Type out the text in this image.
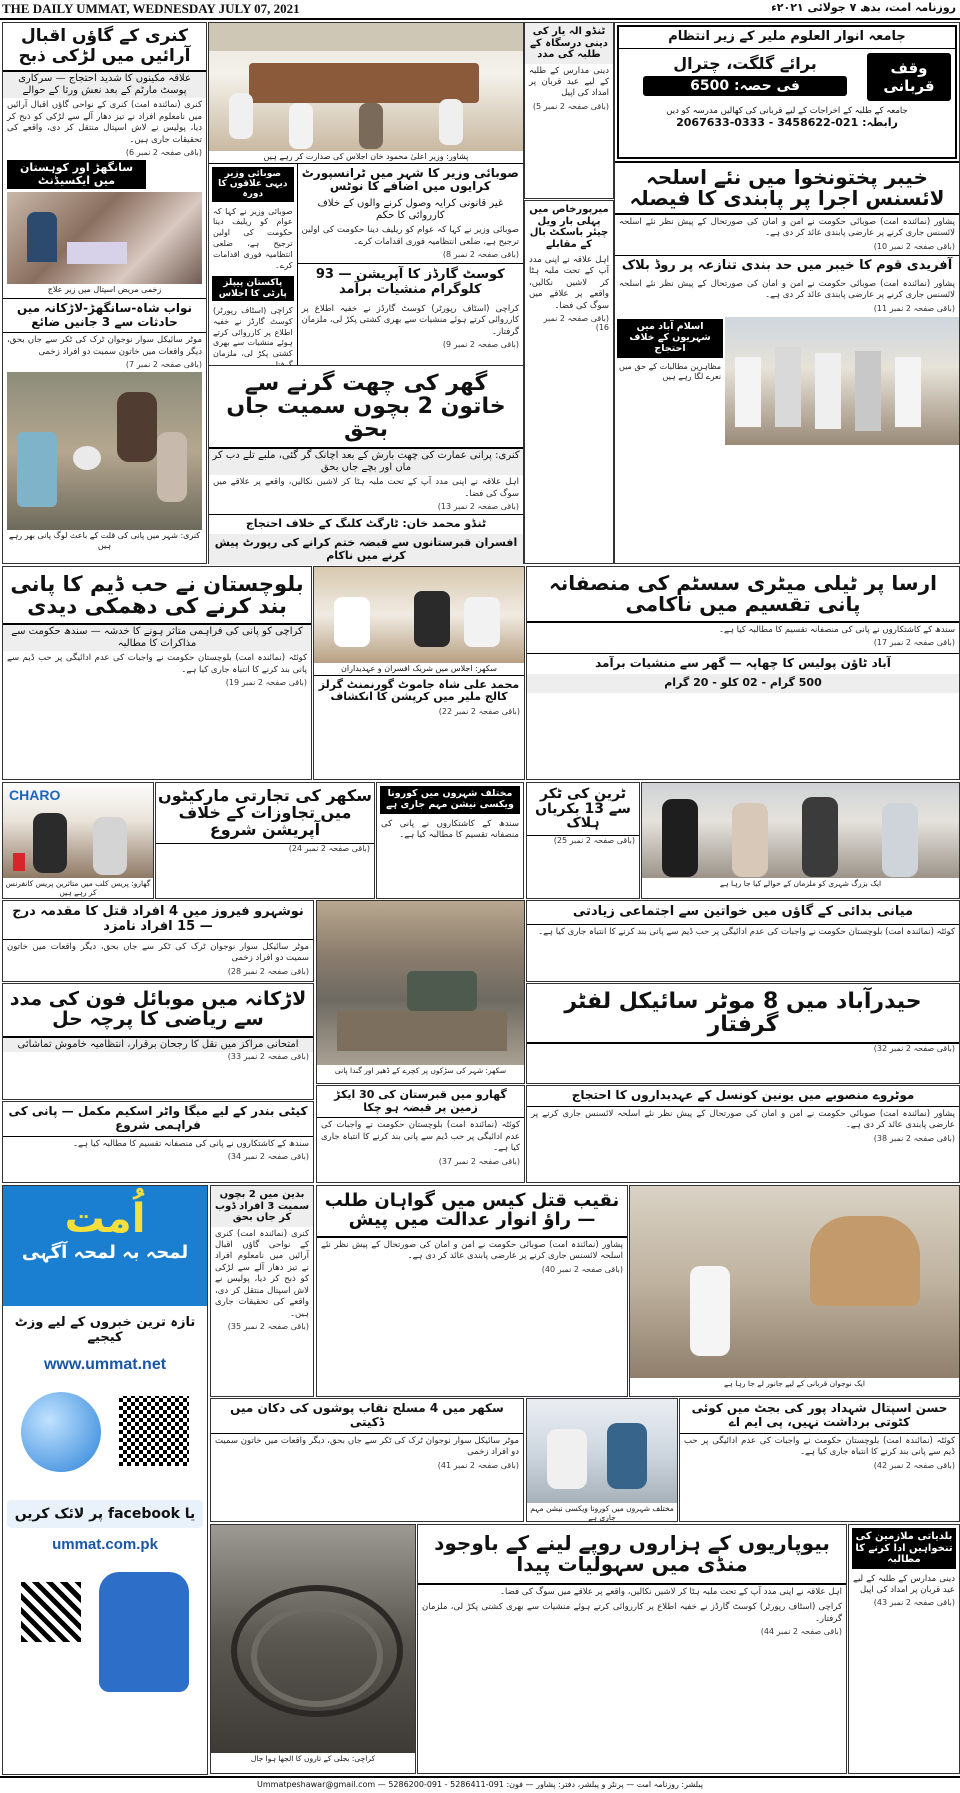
THE DAILY UMMAT, WEDNESDAY JULY 07, 2021	روزنامہ امت، بدھ ۷ جولائی ۲۰۲۱ء
کنری کے گاؤں اقبال آرائیں میں لڑکی ذبح
علاقہ مکینوں کا شدید احتجاج — سرکاری پوسٹ مارٹم کے بعد نعش ورثا کے حوالے
کنری (نمائندہ امت) کنری کے نواحی گاؤں اقبال آرائیں میں نامعلوم افراد نے تیز دھار آلے سے لڑکی کو ذبح کر دیا، پولیس نے لاش اسپتال منتقل کر دی، واقعے کی تحقیقات جاری ہیں۔
(باقی صفحہ 2 نمبر 6)
سانگھڑ اور کوہستان میں ایکسیڈنٹ
زخمی مریض اسپتال میں زیر علاج
نواب شاہ-سانگھڑ-لاڑکانہ میں حادثات سے 3 جانیں ضائع
موٹر سائیکل سوار نوجوان ٹرک کی ٹکر سے جاں بحق، دیگر واقعات میں خاتون سمیت دو افراد زخمی
(باقی صفحہ 2 نمبر 7)
کنری: شہر میں پانی کی قلت کے باعث لوگ پانی بھر رہے ہیں
پشاور: وزیر اعلیٰ محمود خان اجلاس کی صدارت کر رہے ہیں
صوبائی وزیر کا شہر میں ٹرانسپورٹ کرایوں میں اضافے کا نوٹس
غیر قانونی کرایہ وصول کرنے والوں کے خلاف کارروائی کا حکم
صوبائی وزیر نے کہا کہ عوام کو ریلیف دینا حکومت کی اولین ترجیح ہے، ضلعی انتظامیہ فوری اقدامات کرے۔
(باقی صفحہ 2 نمبر 8)
کوسٹ گارڈز کا آپریشن — 93 کلوگرام منشیات برآمد
کراچی (اسٹاف رپورٹر) کوسٹ گارڈز نے خفیہ اطلاع پر کارروائی کرتے ہوئے منشیات سے بھری کشتی پکڑ لی، ملزمان گرفتار۔
(باقی صفحہ 2 نمبر 9)
صوبائی وزیر دیہی علاقوں کا دورہ
صوبائی وزیر نے کہا کہ عوام کو ریلیف دینا حکومت کی اولین ترجیح ہے، ضلعی انتظامیہ فوری اقدامات کرے۔
پاکستان پیپلز پارٹی کا اجلاس
کراچی (اسٹاف رپورٹر) کوسٹ گارڈز نے خفیہ اطلاع پر کارروائی کرتے ہوئے منشیات سے بھری کشتی پکڑ لی، ملزمان
ٹنڈو الہ یار کی دینی درسگاہ کے طلبہ کی مدد
دینی مدارس کے طلبہ کے لیے عید قربان پر امداد کی اپیل
(باقی صفحہ 2 نمبر 5)
جامعہ انوار العلوم ملیر کے زیر انتظام
وقف قربانی
برائے گلگت، چترال
فی حصہ: 6500
جامعہ کے طلبہ کے اخراجات کے لیے قربانی کی کھالیں مدرسہ کو دیں
رابطہ: 021-3458622 - 0333-2067633
خیبر پختونخوا میں نئے اسلحہ لائسنس اجرا پر پابندی کا فیصلہ
پشاور (نمائندہ امت) صوبائی حکومت نے امن و امان کی صورتحال کے پیش نظر نئے اسلحہ لائسنس جاری کرنے پر عارضی پابندی عائد کر دی ہے۔
(باقی صفحہ 2 نمبر 10)
آفریدی قوم کا خیبر میں حد بندی تنازعہ پر روڈ بلاک
پشاور (نمائندہ امت) صوبائی حکومت نے امن و امان کی صورتحال کے پیش نظر نئے اسلحہ لائسنس جاری کرنے پر عارضی پابندی عائد کر دی ہے۔
(باقی صفحہ 2 نمبر 11)
اسلام آباد میں شہریوں کے خلاف احتجاج
مظاہرین مطالبات کے حق میں نعرے لگا رہے ہیں
گھر کی چھت گرنے سے خاتون 2 بچوں سمیت جاں بحق
کنری: پرانی عمارت کی چھت بارش کے بعد اچانک گر گئی، ملبے تلے دب کر ماں اور بچے جاں بحق
اہل علاقہ نے اپنی مدد آپ کے تحت ملبہ ہٹا کر لاشیں نکالیں، واقعے پر علاقے میں سوگ کی فضا۔
(باقی صفحہ 2 نمبر 13)
ٹنڈو محمد خان: ٹارگٹ کلنگ کے خلاف احتجاج
افسران قبرستانوں سے قبضہ ختم کرانے کی رپورٹ پیش کرنے میں ناکام
میرپورخاص میں پہلی بار ویل چیئر باسکٹ بال کے مقابلے
اہل علاقہ نے اپنی مدد آپ کے تحت ملبہ ہٹا کر لاشیں نکالیں، واقعے پر علاقے میں سوگ کی فضا۔
(باقی صفحہ 2 نمبر 16)
بلوچستان نے حب ڈیم کا پانی بند کرنے کی دھمکی دیدی
کراچی کو پانی کی فراہمی متاثر ہونے کا خدشہ — سندھ حکومت سے مذاکرات کا مطالبہ
کوئٹہ (نمائندہ امت) بلوچستان حکومت نے واجبات کی عدم ادائیگی پر حب ڈیم سے پانی بند کرنے کا انتباہ جاری کیا ہے۔
(باقی صفحہ 2 نمبر 19)
سکھر: اجلاس میں شریک افسران و عہدیداران
محمد علی شاہ جاموٹ گورنمنٹ گرلز کالج ملیر میں کرپشن کا انکشاف
(باقی صفحہ 2 نمبر 22)
ارسا پر ٹیلی میٹری سسٹم کی منصفانہ پانی تقسیم میں ناکامی
سندھ کے کاشتکاروں نے پانی کی منصفانہ تقسیم کا مطالبہ کیا ہے۔
(باقی صفحہ 2 نمبر 17)
آباد ٹاؤن پولیس کا چھاپہ — گھر سے منشیات برآمد
500 گرام - 02 کلو - 20 گرام
CHARO
گھارو: پریس کلب میں متاثرین پریس کانفرنس کر رہے ہیں
سکھر کی تجارتی مارکیٹوں میں تجاوزات کے خلاف آپریشن شروع
(باقی صفحہ 2 نمبر 24)
مختلف شہروں میں کورونا ویکسی نیشن مہم جاری ہے
سندھ کے کاشتکاروں نے پانی کی منصفانہ تقسیم کا مطالبہ کیا ہے۔
ٹرین کی ٹکر سے 13 بکریاں ہلاک
(باقی صفحہ 2 نمبر 25)
ایک بزرگ شہری کو ملزمان کے حوالے کیا جا رہا ہے
نوشہرو فیروز میں 4 افراد قتل کا مقدمہ درج — 15 افراد نامزد
موٹر سائیکل سوار نوجوان ٹرک کی ٹکر سے جاں بحق، دیگر واقعات میں خاتون سمیت دو افراد زخمی
(باقی صفحہ 2 نمبر 28)
سکھر: شہر کی سڑکوں پر کچرے کے ڈھیر اور گندا پانی
میانی بدائی کے گاؤں میں خواتین سے اجتماعی زیادتی
کوئٹہ (نمائندہ امت) بلوچستان حکومت نے واجبات کی عدم ادائیگی پر حب ڈیم سے پانی بند کرنے کا انتباہ جاری کیا ہے۔
حیدرآباد میں 8 موٹر سائیکل لفٹر گرفتار
(باقی صفحہ 2 نمبر 32)
لاڑکانہ میں موبائل فون کی مدد سے ریاضی کا پرچہ حل
امتحانی مراکز میں نقل کا رجحان برقرار، انتظامیہ خاموش تماشائی
(باقی صفحہ 2 نمبر 33)
کیٹی بندر کے لیے میگا واٹر اسکیم مکمل — پانی کی فراہمی شروع
سندھ کے کاشتکاروں نے پانی کی منصفانہ تقسیم کا مطالبہ کیا ہے۔
(باقی صفحہ 2 نمبر 34)
گھارو میں قبرستان کی 30 ایکڑ زمین پر قبضہ ہو چکا
کوئٹہ (نمائندہ امت) بلوچستان حکومت نے واجبات کی عدم ادائیگی پر حب ڈیم سے پانی بند کرنے کا انتباہ جاری کیا ہے۔
(باقی صفحہ 2 نمبر 37)
موٹروے منصوبے میں یونین کونسل کے عہدیداروں کا احتجاج
پشاور (نمائندہ امت) صوبائی حکومت نے امن و امان کی صورتحال کے پیش نظر نئے اسلحہ لائسنس جاری کرنے پر عارضی پابندی عائد کر دی ہے۔
(باقی صفحہ 2 نمبر 38)
اُمت
لمحہ بہ لمحہ آگہی
تازہ ترین خبروں کے لیے وزٹ کیجیے
www.ummat.net
یا facebook پر لائک کریں
ummat.com.pk
بدین میں 2 بچوں سمیت 3 افراد ڈوب کر جاں بحق
کنری (نمائندہ امت) کنری کے نواحی گاؤں اقبال آرائیں میں نامعلوم افراد نے تیز دھار آلے سے لڑکی کو ذبح کر دیا، پولیس نے لاش اسپتال منتقل کر دی، واقعے کی تحقیقات جاری ہیں۔
(باقی صفحہ 2 نمبر 35)
نقیب قتل کیس میں گواہان طلب — راؤ انوار عدالت میں پیش
پشاور (نمائندہ امت) صوبائی حکومت نے امن و امان کی صورتحال کے پیش نظر نئے اسلحہ لائسنس جاری کرنے پر عارضی پابندی عائد کر دی ہے۔
(باقی صفحہ 2 نمبر 40)
ایک نوجوان قربانی کے لیے جانور لے جا رہا ہے
سکھر میں 4 مسلح نقاب پوشوں کی دکان میں ڈکیتی
موٹر سائیکل سوار نوجوان ٹرک کی ٹکر سے جاں بحق، دیگر واقعات میں خاتون سمیت دو افراد زخمی
(باقی صفحہ 2 نمبر 41)
مختلف شہروں میں کورونا ویکسی نیشن مہم جاری ہے
حسن اسپتال شہداد پور کی بجٹ میں کوئی کٹوتی برداشت نہیں، پی ایم اے
کوئٹہ (نمائندہ امت) بلوچستان حکومت نے واجبات کی عدم ادائیگی پر حب ڈیم سے پانی بند کرنے کا انتباہ جاری کیا ہے۔
(باقی صفحہ 2 نمبر 42)
کراچی: بجلی کے تاروں کا الجھا ہوا جال
بیوپاریوں کے ہزاروں روپے لینے کے باوجود منڈی میں سہولیات پیدا
اہل علاقہ نے اپنی مدد آپ کے تحت ملبہ ہٹا کر لاشیں نکالیں، واقعے پر علاقے میں سوگ کی فضا۔
کراچی (اسٹاف رپورٹر) کوسٹ گارڈز نے خفیہ اطلاع پر کارروائی کرتے ہوئے منشیات سے بھری کشتی پکڑ لی، ملزمان گرفتار۔
(باقی صفحہ 2 نمبر 44)
بلدیاتی ملازمین کی تنخواہیں ادا کرنے کا مطالبہ
دینی مدارس کے طلبہ کے لیے عید قربان پر امداد کی اپیل
(باقی صفحہ 2 نمبر 43)
پبلشر: روزنامہ امت — پرنٹر و پبلشر، دفتر: پشاور — فون: 091-5286411 - 091-5286200 — Ummatpeshawar@gmail.com
